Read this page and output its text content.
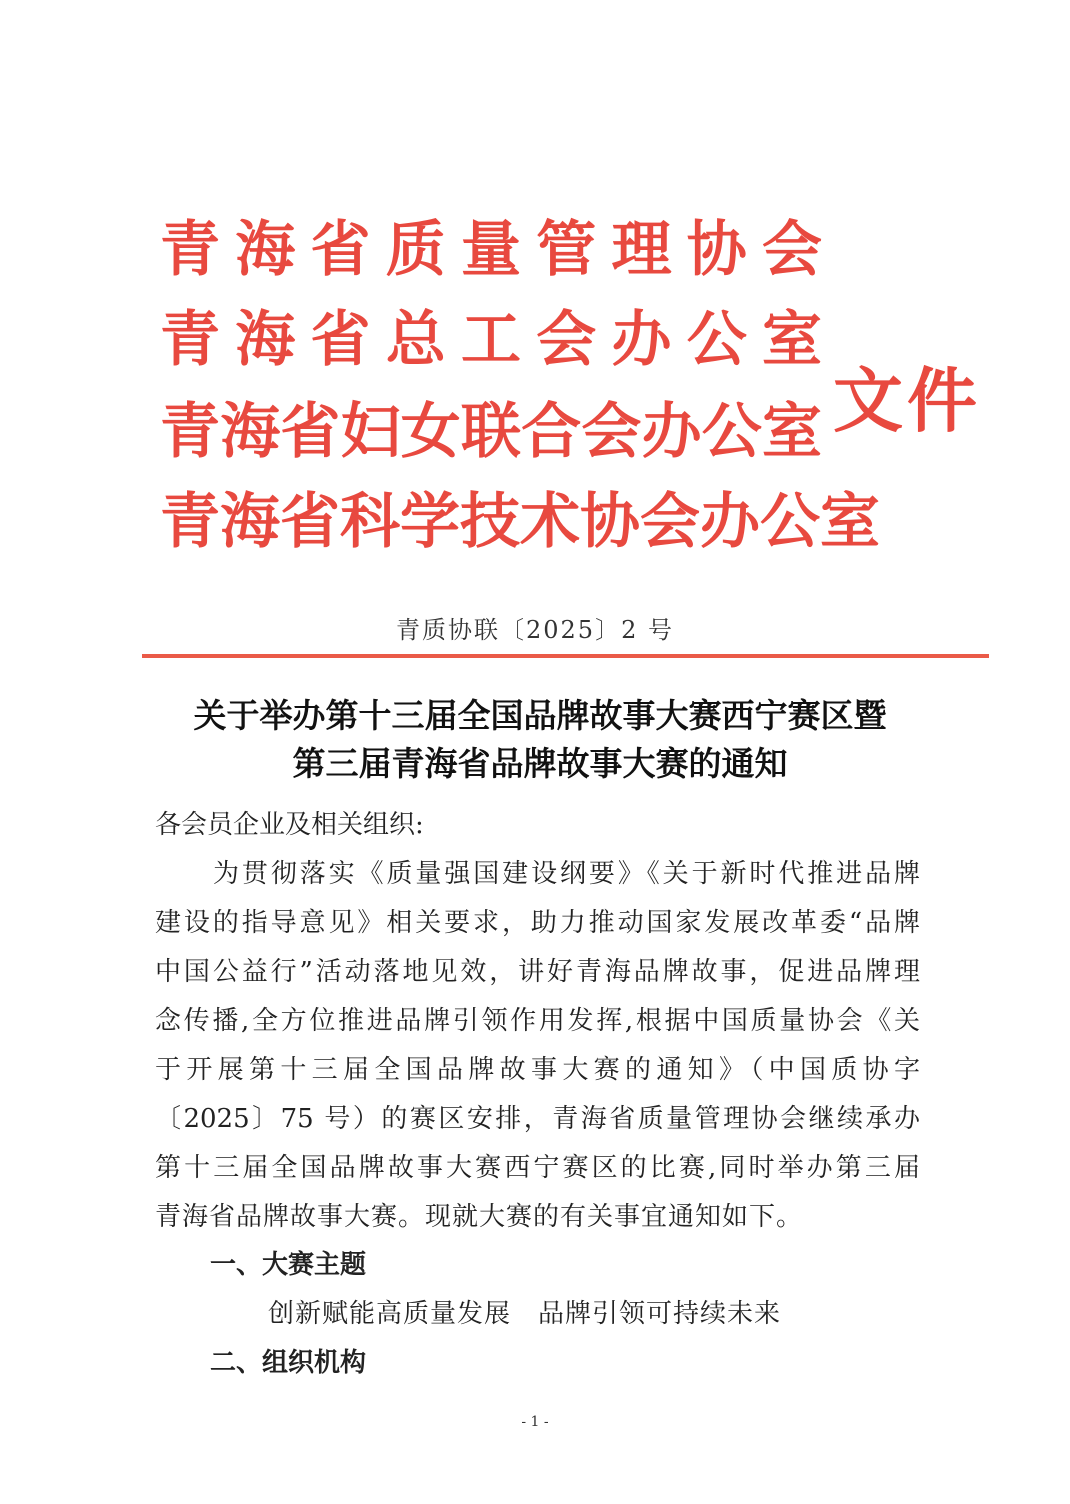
青海省质量管理协会
青海省总工会办公室
青海省妇女联合会办公室
青海省科学技术协会办公室
文件
青质协联〔2025〕2 号
关于举办第十三届全国品牌故事大赛西宁赛区暨
第三届青海省品牌故事大赛的通知
各会员企业及相关组织:
为贯彻落实《质量强国建设纲要》《关于新时代推进品牌
建设的指导意见》相关要求，助力推动国家发展改革委“品牌
中国公益行”活动落地见效，讲好青海品牌故事，促进品牌理
念传播,全方位推进品牌引领作用发挥,根据中国质量协会《关
于开展第十三届全国品牌故事大赛的通知》（中国质协字
〔2025〕75 号）的赛区安排，青海省质量管理协会继续承办
第十三届全国品牌故事大赛西宁赛区的比赛,同时举办第三届
青海省品牌故事大赛。现就大赛的有关事宜通知如下。
一、大赛主题
创新赋能高质量发展　品牌引领可持续未来
二、组织机构
- 1 -
